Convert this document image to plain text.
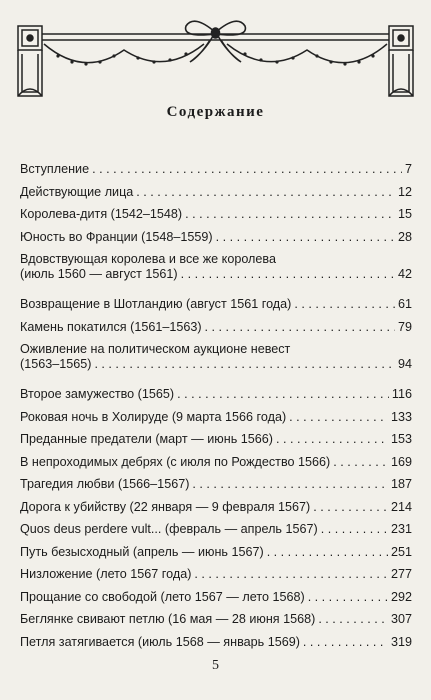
Содержание
Вступление . . .	7
Действующие лица . . .	12
Королева-дитя (1542–1548) . . .	15
Юность во Франции (1548–1559) . . .	28
Вдовствующая королева и все же королева
(июль 1560 — август 1561) . . .	42
Возвращение в Шотландию (август 1561 года) . . .	61
Камень покатился (1561–1563) . . .	79
Оживление на политическом аукционе невест
(1563–1565) . . .	94
Второе замужество (1565) . . .	116
Роковая ночь в Холируде (9 марта 1566 года) . . .	133
Преданные предатели (март — июнь 1566) . . .	153
В непроходимых дебрях (с июля по Рождество 1566) . . .	169
Трагедия любви (1566–1567) . . .	187
Дорога к убийству (22 января — 9 февраля 1567) . . .	214
Quos deus perdere vult... (февраль — апрель 1567) . . .	231
Путь безысходный (апрель — июнь 1567) . . .	251
Низложение (лето 1567 года) . . .	277
Прощание со свободой (лето 1567 — лето 1568) . . .	292
Беглянке свивают петлю (16 мая — 28 июня 1568) . . .	307
Петля затягивается (июль 1568 — январь 1569) . . .	319
5
